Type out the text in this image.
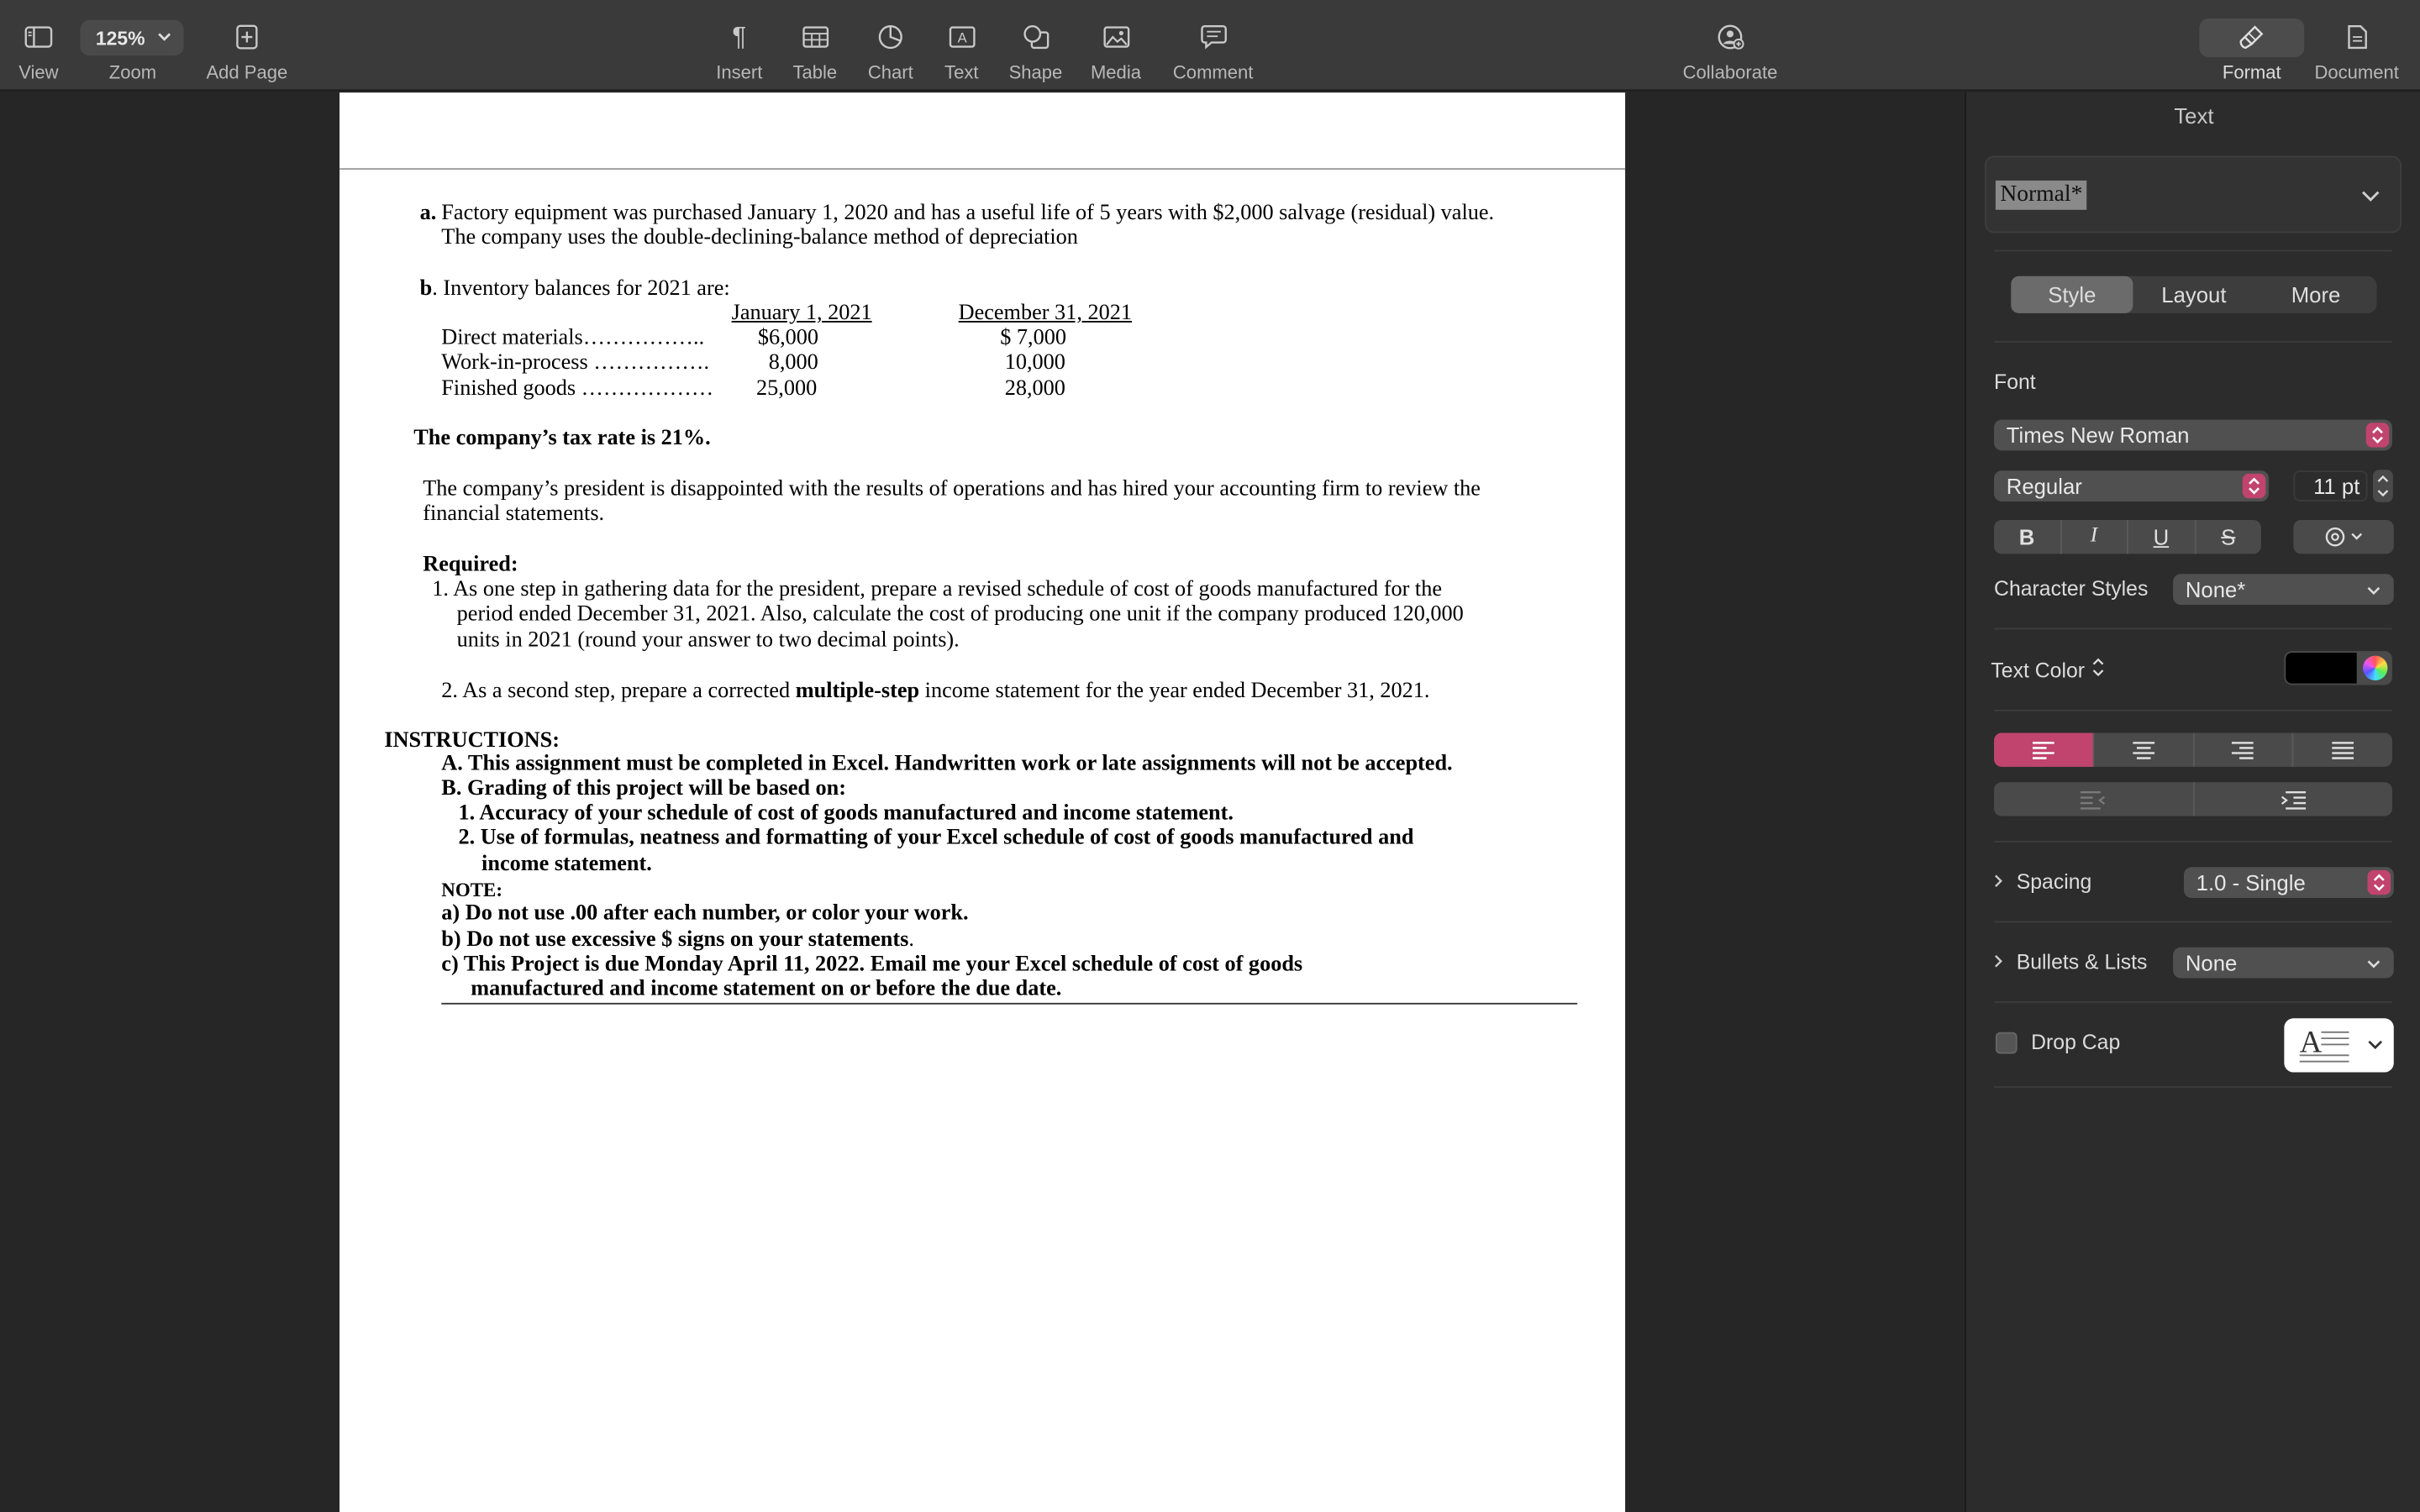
View
125%
Zoom	Add Page
¶
Insert	Table	Chart
A
Text	Shape	Media	Comment	Collaborate	Format	Document
a. Factory equipment was purchased January 1, 2020 and has a useful life of 5 years with $2,000 salvage (residual) value.
The company uses the double-declining-balance method of depreciation
b . Inventory balances for 2021 are:
January 1, 2021	December 31, 2021
Direct materials……………..	$6,000	$ 7,000
Work-in-process …………….	8,000	10,000
Finished goods ………………	25,000	28,000
The company’s tax rate is 21%.
The company’s president is disappointed with the results of operations and has hired your accounting firm to review the
financial statements.
Required:
1. As one step in gathering data for the president, prepare a revised schedule of cost of goods manufactured for the
period ended December 31, 2021. Also, calculate the cost of producing one unit if the company produced 120,000
units in 2021 (round your answer to two decimal points).
2. As a second step, prepare a corrected multiple-step income statement for the year ended December 31, 2021.
INSTRUCTIONS:
A. This assignment must be completed in Excel. Handwritten work or late assignments will not be accepted.
B. Grading of this project will be based on:
1. Accuracy of your schedule of cost of goods manufactured and income statement.
2. Use of formulas, neatness and formatting of your Excel schedule of cost of goods manufactured and
income statement.
NOTE:
a) Do not use .00 after each number, or color your work.
b) Do not use excessive $ signs on your statements.
c) This Project is due Monday April 11, 2022. Email me your Excel schedule of cost of goods
manufactured and income statement on or before the due date.
Text
Normal*
Style	Layout	More
Font
Times New Roman
Regular	11 pt
B	I	U	S
Character Styles	None*
Text Color
Spacing	1.0 - Single
Bullets & Lists	None
Drop Cap	A
